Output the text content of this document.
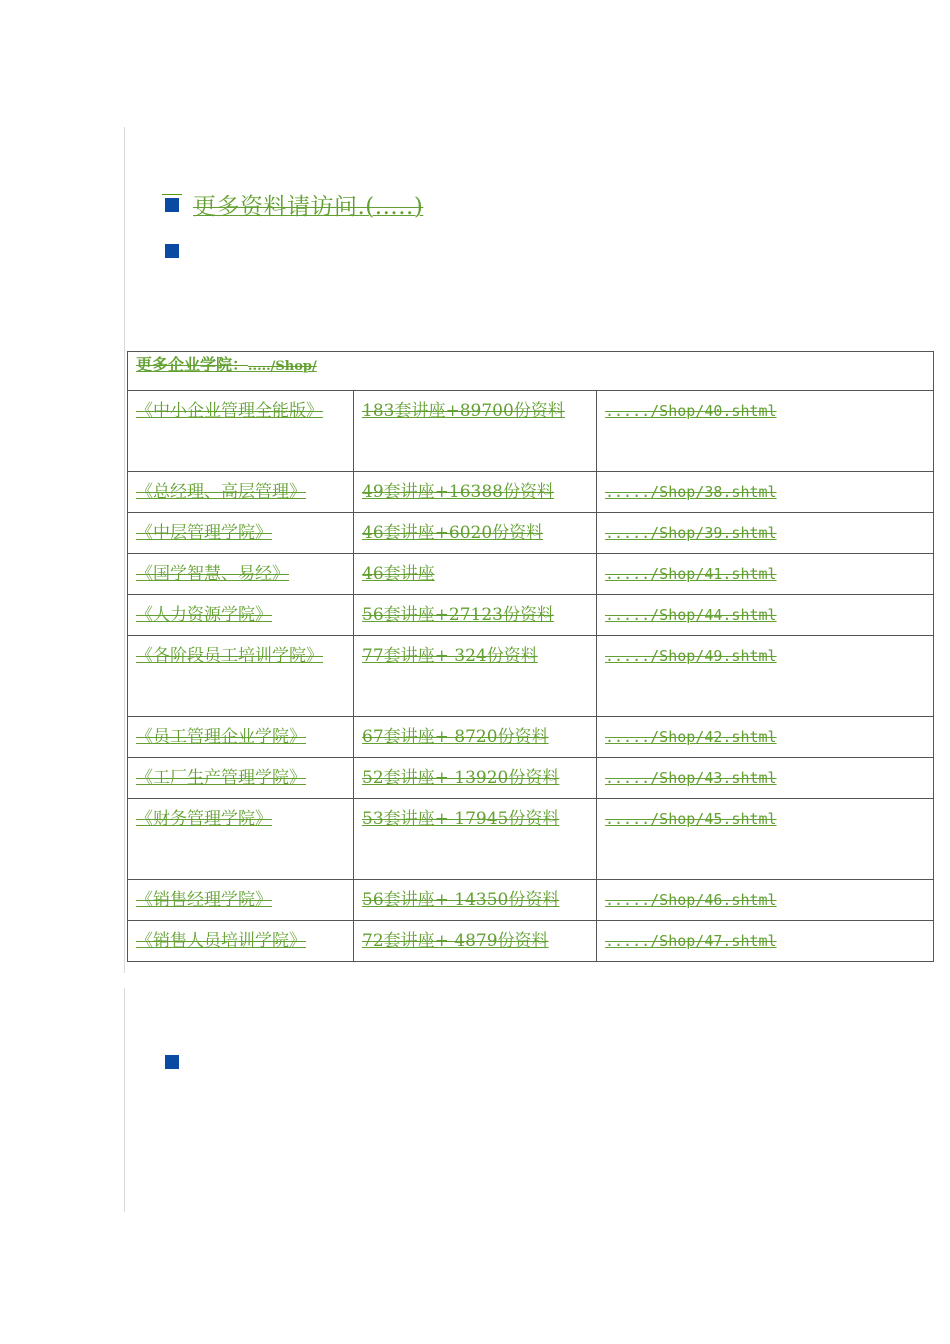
更多资料请访问.(.....)
更多企业学院：...../Shop/		
《中小企业管理全能版》	183套讲座+89700份资料	...../Shop/40.shtml
《总经理、高层管理》	49套讲座+16388份资料	...../Shop/38.shtml
《中层管理学院》	46套讲座+6020份资料	...../Shop/39.shtml
《国学智慧、易经》	46套讲座	...../Shop/41.shtml
《人力资源学院》	56套讲座+27123份资料	...../Shop/44.shtml
《各阶段员工培训学院》	77套讲座+ 324份资料	...../Shop/49.shtml
《员工管理企业学院》	67套讲座+ 8720份资料	...../Shop/42.shtml
《工厂生产管理学院》	52套讲座+ 13920份资料	...../Shop/43.shtml
《财务管理学院》	53套讲座+ 17945份资料	...../Shop/45.shtml
《销售经理学院》	56套讲座+ 14350份资料	...../Shop/46.shtml
《销售人员培训学院》	72套讲座+ 4879份资料	...../Shop/47.shtml
